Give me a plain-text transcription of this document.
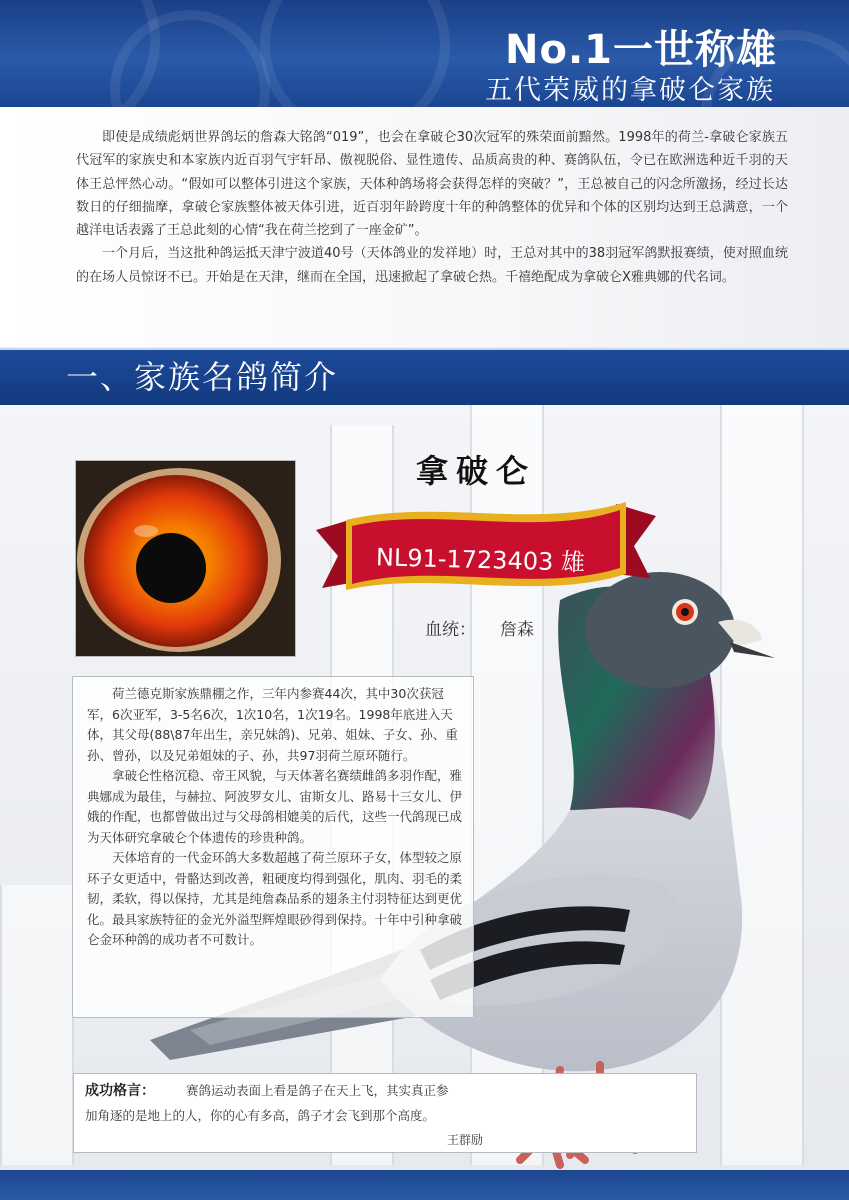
No.1一世称雄
五代荣威的拿破仑家族

即使是成绩彪炳世界鸽坛的詹森大铭鸽“019”，也会在拿破仑30次冠军的殊荣面前黯然。1998年的荷兰-拿破仑家族五代冠军的家族史和本家族内近百羽气宇轩昂、傲视脱俗、显性遗传、品质高贵的种、赛鸽队伍，令已在欧洲选种近千羽的天体王总怦然心动。“假如可以整体引进这个家族，天体种鸽场将会获得怎样的突破？”，王总被自己的闪念所激扬，经过长达数日的仔细揣摩，拿破仑家族整体被天体引进，近百羽年龄跨度十年的种鸽整体的优异和个体的区别均达到王总满意，一个越洋电话表露了王总此刻的心情“我在荷兰挖到了一座金矿”。

一个月后，当这批种鸽运抵天津宁波道40号（天体鸽业的发祥地）时，王总对其中的38羽冠军鸽默报赛绩，使对照血统的在场人员惊讶不已。开始是在天津，继而在全国，迅速掀起了拿破仑热。千禧绝配成为拿破仑X雅典娜的代名词。

一、家族名鸽简介
拿破仑
NL91-1723403 雄
血统： 詹森

荷兰德克斯家族鼎棚之作，三年内参赛44次，其中30次获冠军，6次亚军，3-5名6次，1次10名，1次19名。1998年底进入天体，其父母(88\87年出生，亲兄妹鸽)、兄弟、姐妹、子女、孙、重孙、曾孙，以及兄弟姐妹的子、孙，共97羽荷兰原环随行。

拿破仑性格沉稳、帝王风貌，与天体著名赛绩雌鸽多羽作配，雅典娜成为最佳，与赫拉、阿波罗女儿、宙斯女儿、路易十三女儿、伊娥的作配，也都曾做出过与父母鸽相媲美的后代，这些一代鸽现已成为天体研究拿破仑个体遗传的珍贵种鸽。

天体培育的一代金环鸽大多数超越了荷兰原环子女，体型较之原环子女更适中，骨骼达到改善，粗硬度均得到强化，肌肉、羽毛的柔韧，柔软，得以保持，尤其是纯詹森品系的翅条主付羽特征达到更优化。最具家族特征的金光外溢型辉煌眼砂得到保持。十年中引种拿破仑金环种鸽的成功者不可数计。

成功格言： 赛鸽运动表面上看是鸽子在天上飞，其实真正参
加角逐的是地上的人，你的心有多高，鸽子才会飞到那个高度。
王群励
